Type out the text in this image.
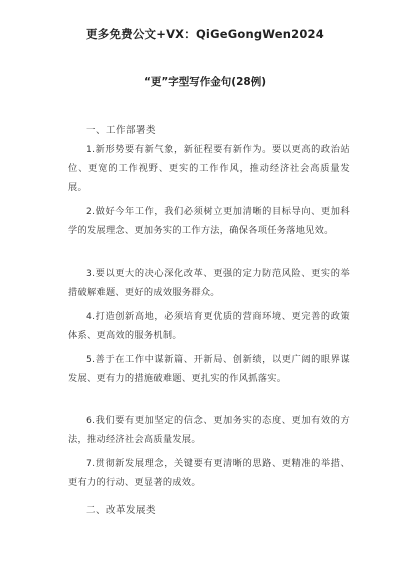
更多免费公文+VX：QiGeGongWen2024
“更”字型写作金句(28例)
一、工作部署类
1.新形势要有新气象，新征程要有新作为。要以更高的政治站位、更宽的工作视野、更实的工作作风，推动经济社会高质量发展。
2.做好今年工作，我们必须树立更加清晰的目标导向、更加科学的发展理念、更加务实的工作方法，确保各项任务落地见效。
3.要以更大的决心深化改革、更强的定力防范风险、更实的举措破解难题、更好的成效服务群众。
4.打造创新高地，必须培育更优质的营商环境、更完善的政策体系、更高效的服务机制。
5.善于在工作中谋新篇、开新局、创新绩，以更广阔的眼界谋发展、更有力的措施破难题、更扎实的作风抓落实。
6.我们要有更加坚定的信念、更加务实的态度、更加有效的方法，推动经济社会高质量发展。
7.贯彻新发展理念，关键要有更清晰的思路、更精准的举措、更有力的行动、更显著的成效。
二、改革发展类
